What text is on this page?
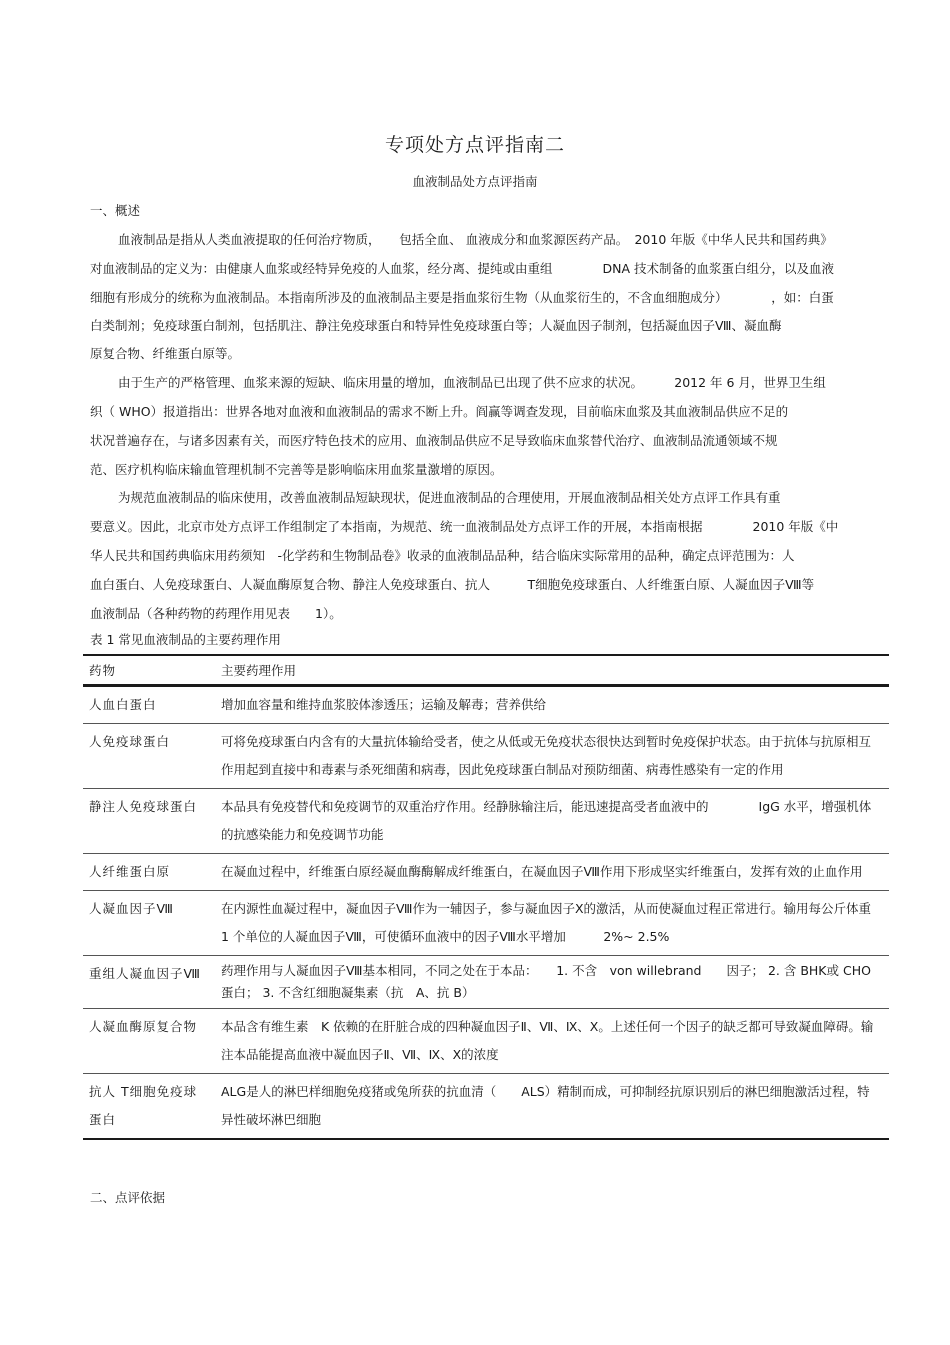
专项处方点评指南二
血液制品处方点评指南
一、概述
血液制品是指从人类血液提取的任何治疗物质，　　包括全血、 血液成分和血浆源医药产品。　2010 年版《中华人民共和国药典》
对血液制品的定义为：由健康人血浆或经特异免疫的人血浆，经分离、提纯或由重组　　　　DNA 技术制备的血浆蛋白组分，以及血液
细胞有形成分的统称为血液制品。本指南所涉及的血液制品主要是指血浆衍生物（从血浆衍生的，不含血细胞成分）　　　　，如：白蛋
白类制剂；免疫球蛋白制剂，包括肌注、静注免疫球蛋白和特异性免疫球蛋白等；人凝血因子制剂，包括凝血因子Ⅷ、凝血酶
原复合物、纤维蛋白原等。
由于生产的严格管理、血浆来源的短缺、临床用量的增加，血液制品已出现了供不应求的状况。　　　2012 年 6 月，世界卫生组
织（ WHO）报道指出：世界各地对血液和血液制品的需求不断上升。阎赢等调查发现，目前临床血浆及其血液制品供应不足的
状况普遍存在，与诸多因素有关，而医疗特色技术的应用、血液制品供应不足导致临床血浆替代治疗、血液制品流通领域不规
范、医疗机构临床输血管理机制不完善等是影响临床用血浆量激增的原因。
为规范血液制品的临床使用，改善血液制品短缺现状，促进血液制品的合理使用，开展血液制品相关处方点评工作具有重
要意义。因此，北京市处方点评工作组制定了本指南，为规范、统一血液制品处方点评工作的开展，本指南根据　　　　2010 年版《中
华人民共和国药典临床用药须知　-化学药和生物制品卷》收录的血液制品品种，结合临床实际常用的品种，确定点评范围为：人
血白蛋白、人免疫球蛋白、人凝血酶原复合物、静注人免疫球蛋白、抗人　　　T细胞免疫球蛋白、人纤维蛋白原、人凝血因子Ⅷ等
血液制品（各种药物的药理作用见表　　1）。
表 1 常见血液制品的主要药理作用
药物	主要药理作用
人血白蛋白	增加血容量和维持血浆胶体渗透压；运输及解毒；营养供给
人免疫球蛋白	可将免疫球蛋白内含有的大量抗体输给受者，使之从低或无免疫状态很快达到暂时免疫保护状态。由于抗体与抗原相互作用起到直接中和毒素与杀死细菌和病毒，因此免疫球蛋白制品对预防细菌、病毒性感染有一定的作用
静注人免疫球蛋白	本品具有免疫替代和免疫调节的双重治疗作用。经静脉输注后，能迅速提高受者血液中的　　　　IgG 水平，增强机体的抗感染能力和免疫调节功能
人纤维蛋白原	在凝血过程中，纤维蛋白原经凝血酶酶解成纤维蛋白，在凝血因子Ⅷ作用下形成坚实纤维蛋白，发挥有效的止血作用
人凝血因子Ⅷ	在内源性血凝过程中，凝血因子Ⅷ作为一辅因子，参与凝血因子Ⅹ的激活，从而使凝血过程正常进行。输用每公斤体重　1 个单位的人凝血因子Ⅷ，可使循环血液中的因子Ⅷ水平增加　　　2%~ 2.5%
重组人凝血因子Ⅷ	药理作用与人凝血因子Ⅷ基本相同，不同之处在于本品：　　1. 不含　von willebrand　　因子； 2. 含 BHK或 CHO 蛋白； 3. 不含红细胞凝集素（抗　A、抗 B）
人凝血酶原复合物	本品含有维生素　K 依赖的在肝脏合成的四种凝血因子Ⅱ、Ⅶ、Ⅸ、Ⅹ。上述任何一个因子的缺乏都可导致凝血障碍。输注本品能提高血液中凝血因子Ⅱ、Ⅶ、Ⅸ、Ⅹ的浓度
抗人 T细胞免疫球蛋白	ALG是人的淋巴样细胞免疫猪或兔所获的抗血清（　　ALS）精制而成，可抑制经抗原识别后的淋巴细胞激活过程，特异性破坏淋巴细胞
二、点评依据
